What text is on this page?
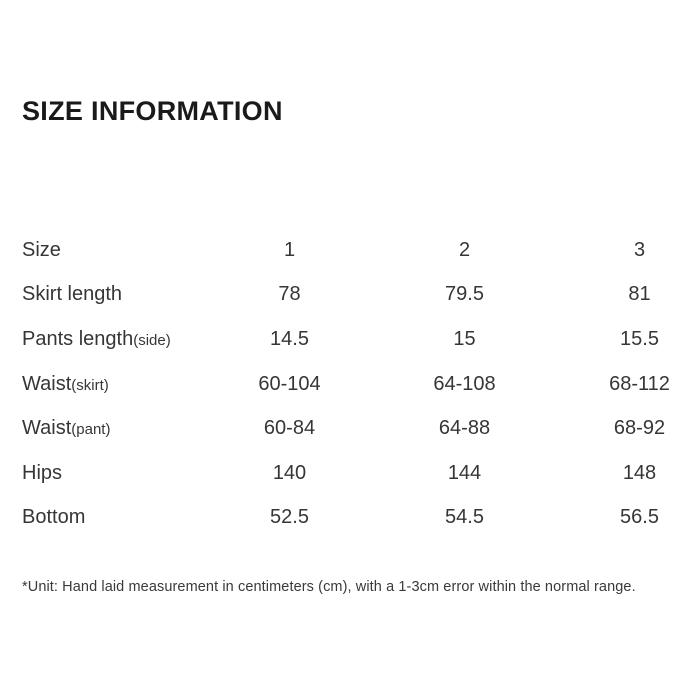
SIZE INFORMATION
Size	1	2	3
Skirt length	78	79.5	81
Pants length(side)	14.5	15	15.5
Waist(skirt)	60-104	64-108	68-112
Waist(pant)	60-84	64-88	68-92
Hips	140	144	148
Bottom	52.5	54.5	56.5
*Unit: Hand laid measurement in centimeters (cm), with a 1-3cm error within the normal range.
